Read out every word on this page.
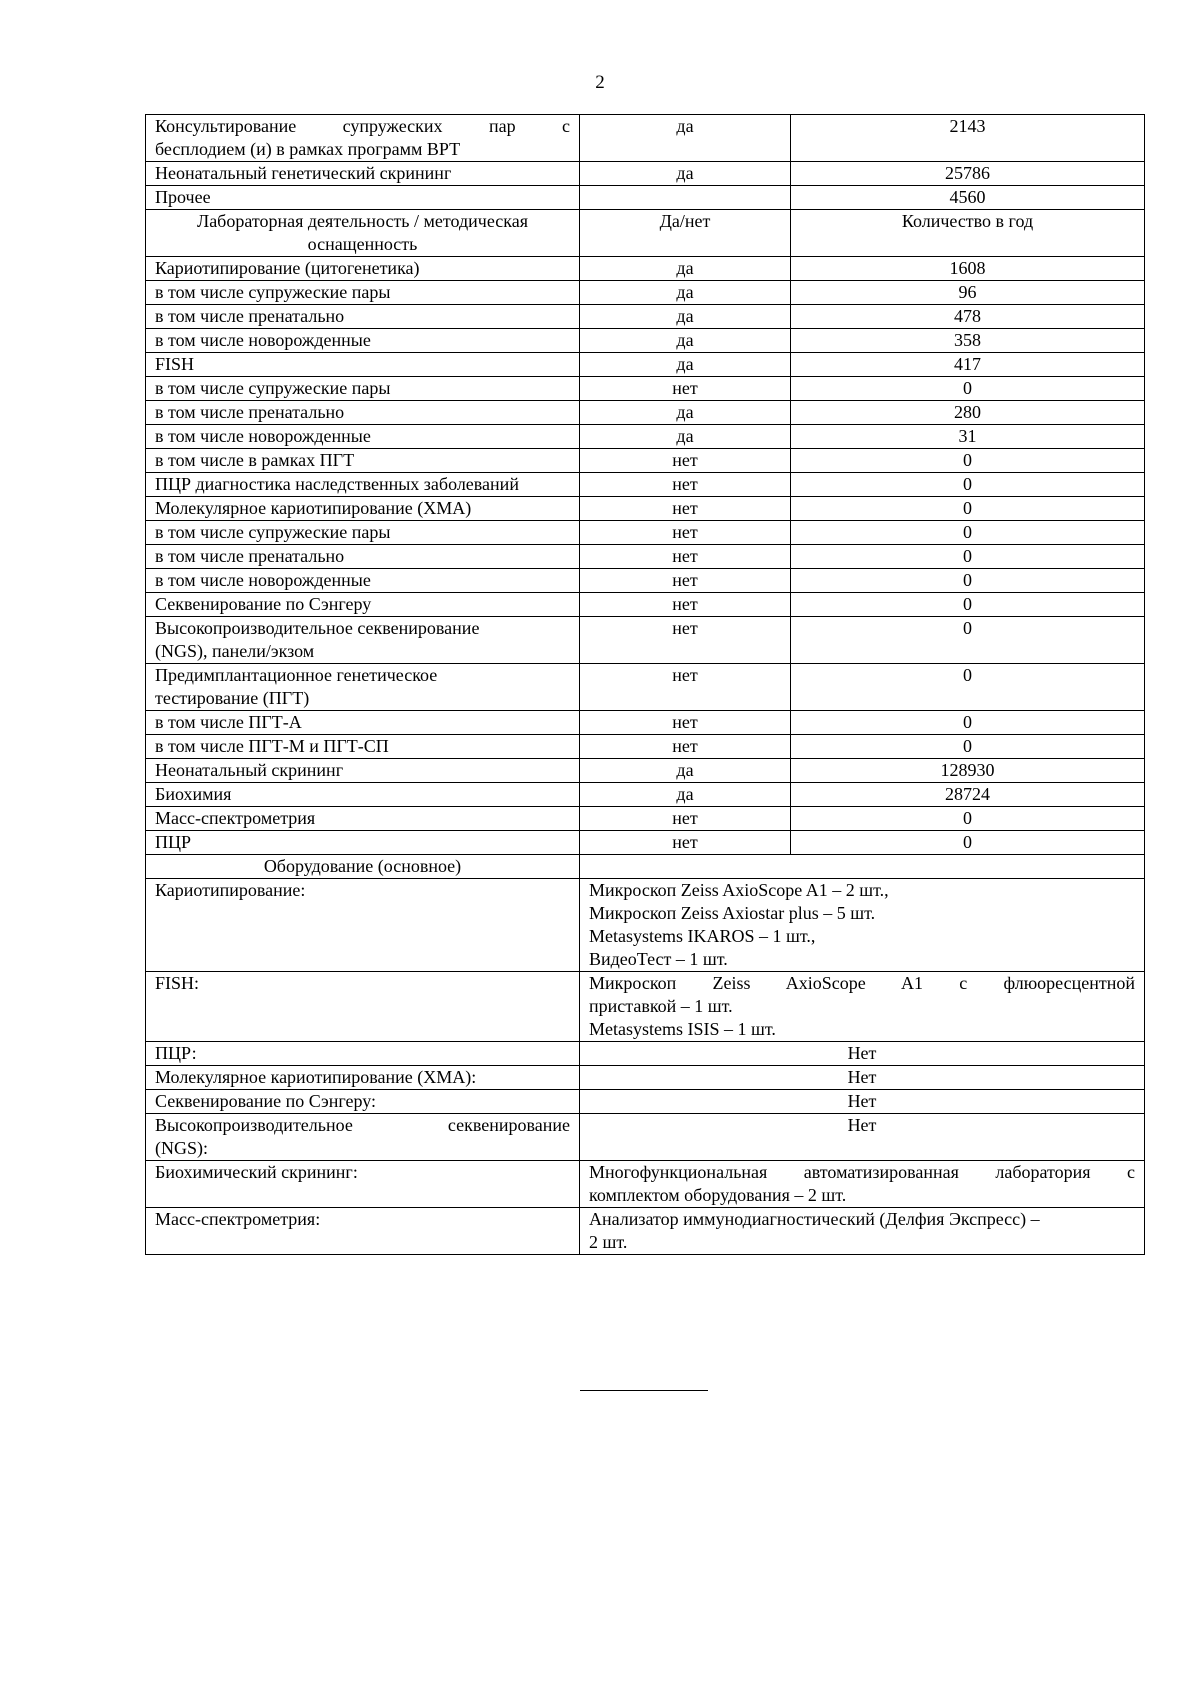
2
Консультирование супружеских пар с
бесплодием (и) в рамках программ ВРТ	да	2143
Неонатальный генетический скрининг	да	25786
Прочее		4560

Лабораторная деятельность / методическая
оснащенность	Да/нет	Количество в год
Кариотипирование (цитогенетика)	да	1608
в том числе супружеские пары	да	96
в том числе пренатально	да	478
в том числе новорожденные	да	358
FISH	да	417
в том числе супружеские пары	нет	0
в том числе пренатально	да	280
в том числе новорожденные	да	31
в том числе в рамках ПГТ	нет	0
ПЦР диагностика наследственных заболеваний	нет	0
Молекулярное кариотипирование (ХМА)	нет	0
в том числе супружеские пары	нет	0
в том числе пренатально	нет	0
в том числе новорожденные	нет	0
Секвенирование по Сэнгеру	нет	0

Высокопроизводительное секвенирование
(NGS), панели/экзом	нет	0

Предимплантационное генетическое
тестирование (ПГТ)	нет	0
в том числе ПГТ-А	нет	0
в том числе ПГТ-М и ПГТ-СП	нет	0
Неонатальный скрининг	да	128930
Биохимия	да	28724
Масс-спектрометрия	нет	0
ПЦР	нет	0
Оборудование (основное)		
Кариотипирование:	Микроскоп Zeiss AxioScope A1 – 2 шт.,
Микроскоп Zeiss Axiostar plus – 5 шт.
Metasystems IKAROS – 1 шт.,
ВидеоТест – 1 шт.	

FISH:	Микроскоп Zeiss AxioScope A1 с флюоресцентной
приставкой – 1 шт.
Metasystems ISIS – 1 шт.	

ПЦР:	Нет	
Молекулярное кариотипирование (ХМА):	Нет	
Секвенирование по Сэнгеру:	Нет	

Высокопроизводительное секвенирование
(NGS):	Нет	
Биохимический скрининг:	Многофункциональная автоматизированная лаборатория с
комплектом оборудования – 2 шт.	

Масс-спектрометрия:	Анализатор иммунодиагностический (Делфия Экспресс) –
2 шт.	
